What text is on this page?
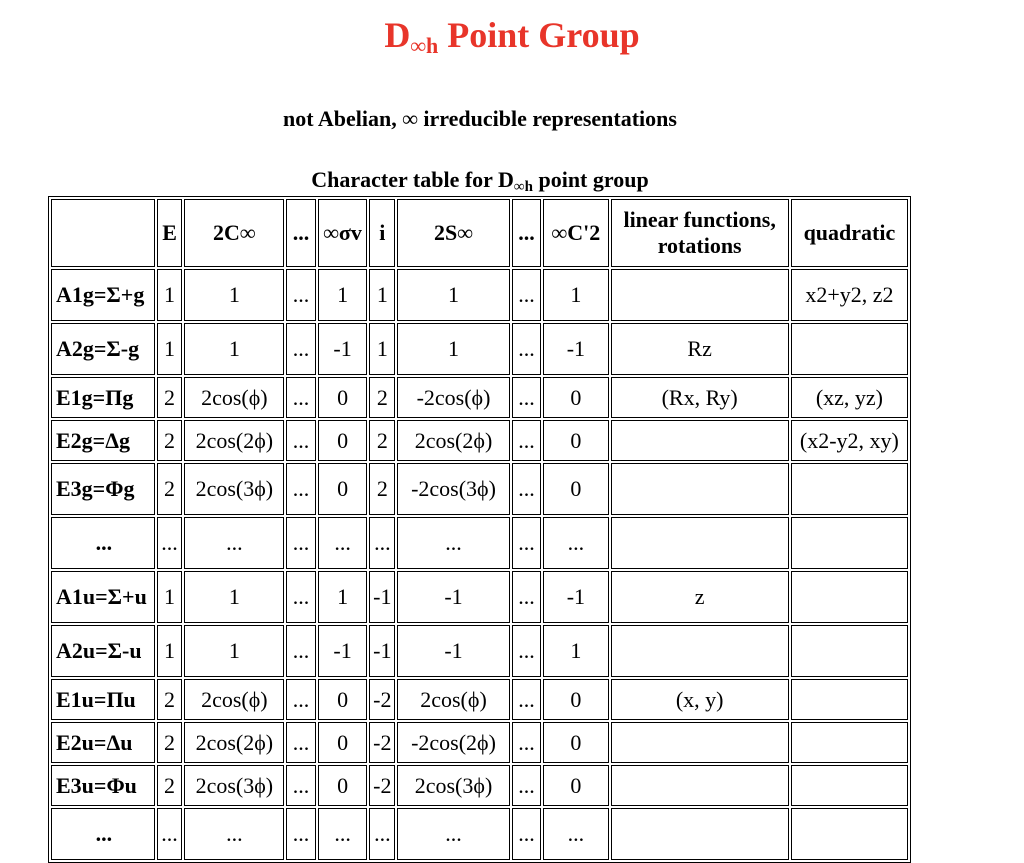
$D_{\infty h}$ Point Group
not Abelian, ∞ irreducible representations
Character table for $D_{\infty h}$ point group
	E	2C∞	...	∞σv	i	2S∞	...	∞C'2	linear functions, rotations	quadratic
A1g=Σ+g	1	1	...	1	1	1	...	1		x2+y2, z2
A2g=Σ-g	1	1	...	-1	1	1	...	-1	Rz	
E1g=Πg	2	2cos(ϕ)	...	0	2	-2cos(ϕ)	...	0	(Rx, Ry)	(xz, yz)
E2g=Δg	2	2cos(2ϕ)	...	0	2	2cos(2ϕ)	...	0		(x2-y2, xy)
E3g=Φg	2	2cos(3ϕ)	...	0	2	-2cos(3ϕ)	...	0		
...	...	...	...	...	...	...	...	...		
A1u=Σ+u	1	1	...	1	-1	-1	...	-1	z	
A2u=Σ-u	1	1	...	-1	-1	-1	...	1		
E1u=Πu	2	2cos(ϕ)	...	0	-2	2cos(ϕ)	...	0	(x, y)	
E2u=Δu	2	2cos(2ϕ)	...	0	-2	-2cos(2ϕ)	...	0		
E3u=Φu	2	2cos(3ϕ)	...	0	-2	2cos(3ϕ)	...	0		
...	...	...	...	...	...	...	...	...		
